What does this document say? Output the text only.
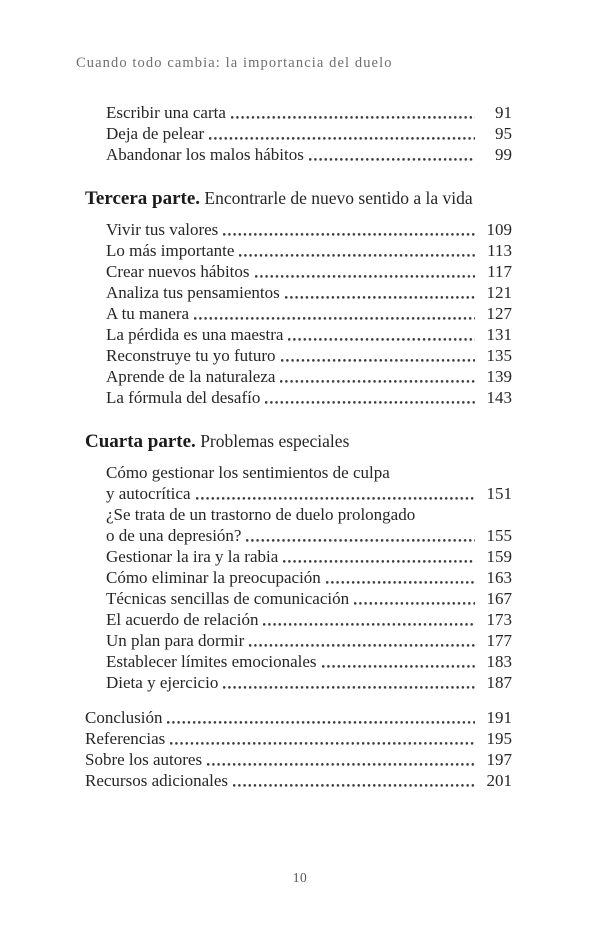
Cuando todo cambia: la importancia del duelo
Escribir una carta	91
Deja de pelear	95
Abandonar los malos hábitos	99
Tercera parte. Encontrarle de nuevo sentido a la vida
Vivir tus valores	109
Lo más importante	113
Crear nuevos hábitos	117
Analiza tus pensamientos	121
A tu manera	127
La pérdida es una maestra	131
Reconstruye tu yo futuro	135
Aprende de la naturaleza	139
La fórmula del desafío	143
Cuarta parte. Problemas especiales
Cómo gestionar los sentimientos de culpa
y autocrítica	151
¿Se trata de un trastorno de duelo prolongado
o de una depresión?	155
Gestionar la ira y la rabia	159
Cómo eliminar la preocupación	163
Técnicas sencillas de comunicación	167
El acuerdo de relación	173
Un plan para dormir	177
Establecer límites emocionales	183
Dieta y ejercicio	187
Conclusión	191
Referencias	195
Sobre los autores	197
Recursos adicionales	201
10
